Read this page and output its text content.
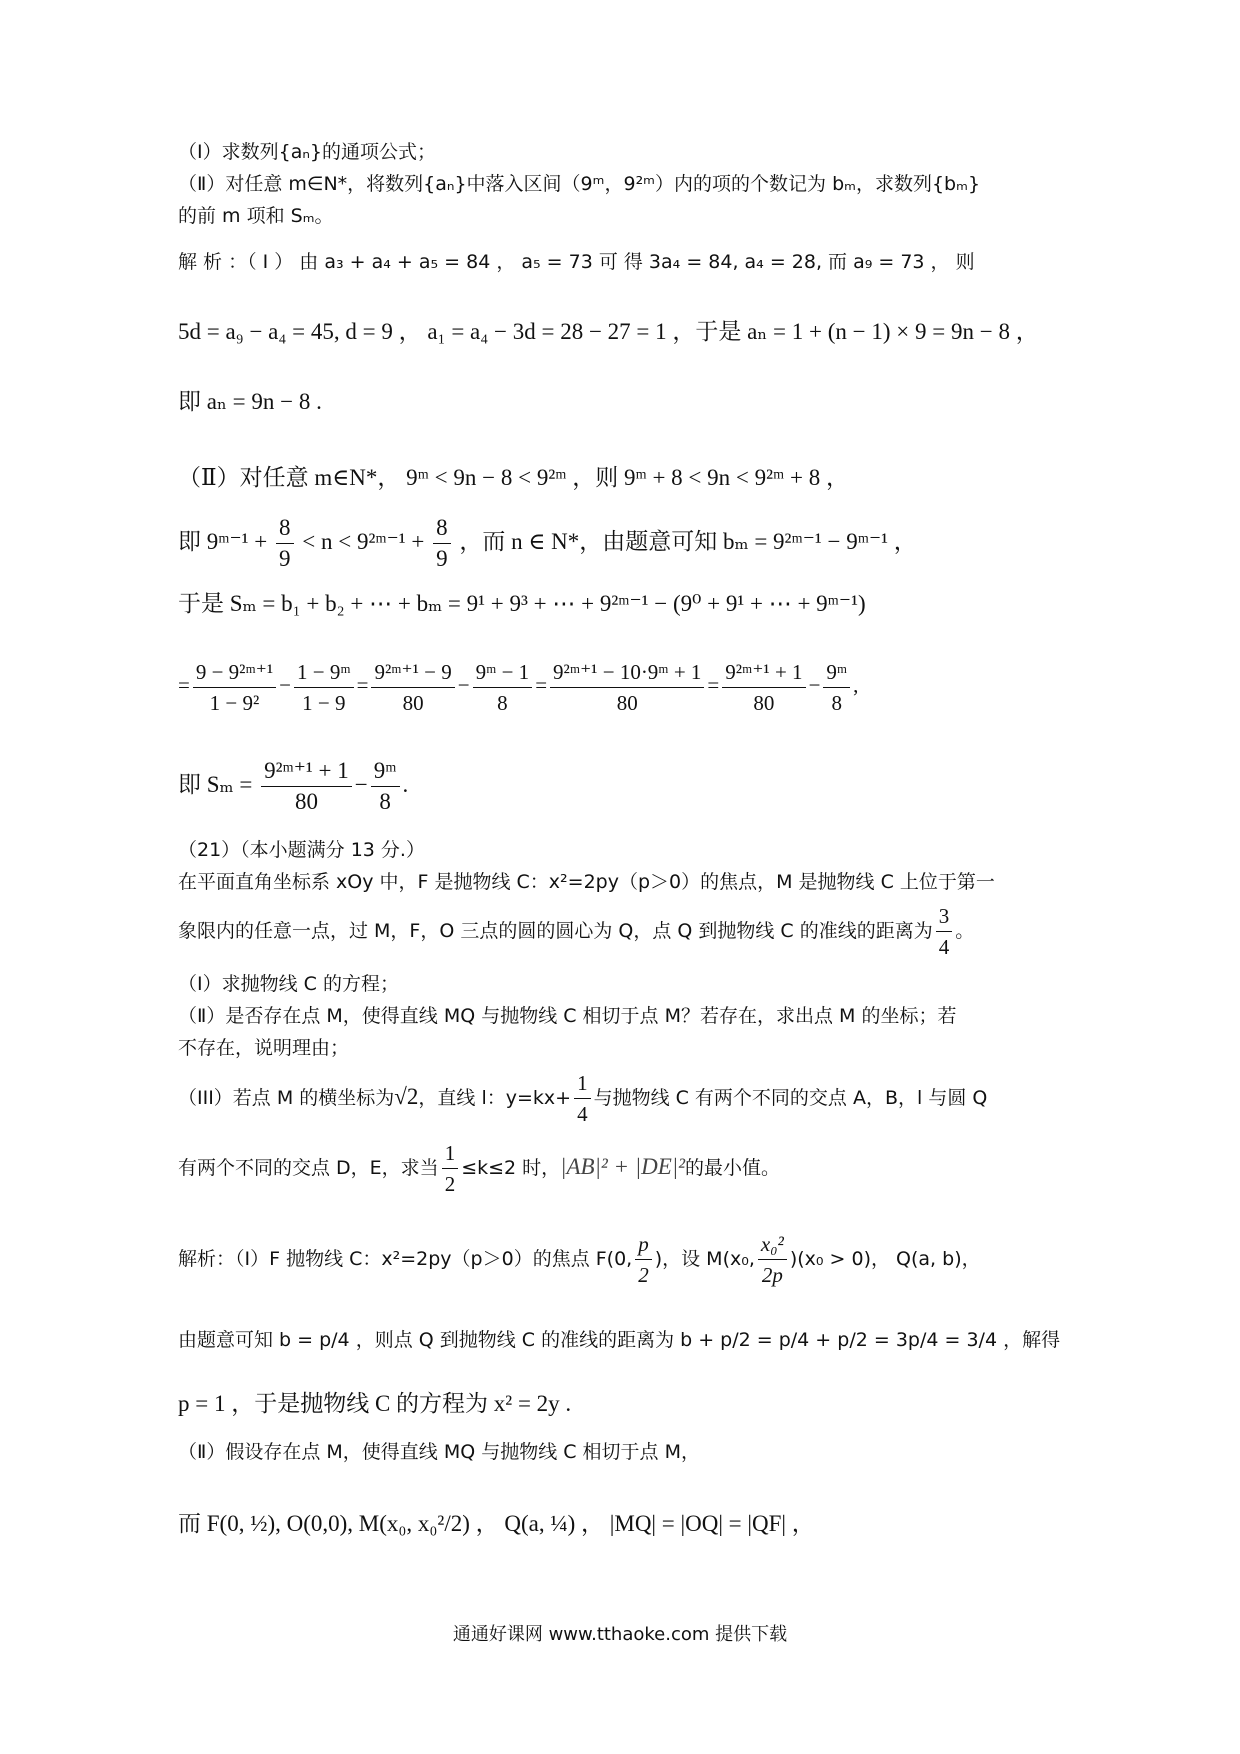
（Ⅰ）求数列{aₙ}的通项公式；
（Ⅱ）对任意 m∈N*，将数列{aₙ}中落入区间（9ᵐ，9²ᵐ）内的项的个数记为 bₘ，求数列{bₘ}
的前 m 项和 Sₘ。
解 析 ：（ Ⅰ ） 由 a₃ + a₄ + a₅ = 84 ， a₅ = 73 可 得 3a₄ = 84, a₄ = 28, 而 a₉ = 73 ， 则
5d = a₉ − a₄ = 45, d = 9 ， a₁ = a₄ − 3d = 28 − 27 = 1 ，于是 aₙ = 1 + (n − 1) × 9 = 9n − 8 ，
即 aₙ = 9n − 8 .
（Ⅱ）对任意 m∈N*， 9ᵐ < 9n − 8 < 9²ᵐ ，则 9ᵐ + 8 < 9n < 9²ᵐ + 8 ，
即 9ᵐ⁻¹ + $\frac{8}{9} < n$ < 9²ᵐ⁻¹ + $\frac{8}{9}$ ，而 n ∈ N*，由题意可知 bₘ = 9²ᵐ⁻¹ − 9ᵐ⁻¹ ，
于是 Sₘ = b₁ + b₂ + ⋯ + bₘ = 9¹ + 9³ + ⋯ + 9²ᵐ⁻¹ − (9⁰ + 9¹ + ⋯ + 9ᵐ⁻¹)
= $\frac{\text{9 − 9²ᵐ⁺¹}}{\text{1 − 9²}} - \frac{\text{1 − 9ᵐ}}{1 - 9} = \frac{\text{9²ᵐ⁺¹ − 9}}{80} - \frac{\text{9ᵐ − 1}}{8} = \frac{\text{9²ᵐ⁺¹ − 10·9ᵐ + 1}}{80} = \frac{\text{9²ᵐ⁺¹ + 1}}{80} - \frac{\text{9ᵐ}}{8}$ ,
即 $S_m = \frac{\text{9²ᵐ⁺¹ + 1}}{80} - \frac{\text{9ᵐ}}{8}$ .
（21）（本小题满分 13 分.）
在平面直角坐标系 xOy 中，F 是抛物线 C：x²=2py（p＞0）的焦点，M 是抛物线 C 上位于第一
象限内的任意一点，过 M，F，O 三点的圆的圆心为 Q，点 Q 到抛物线 C 的准线的距离为 $\frac{3}{4}$ 。
（Ⅰ）求抛物线 C 的方程；
（Ⅱ）是否存在点 M，使得直线 MQ 与抛物线 C 相切于点 M？若存在，求出点 M 的坐标；若
不存在，说明理由；
（III）若点 M 的横坐标为√2，直线 l：$y=kx+ \frac{1}{4}$ 与抛物线 C 有两个不同的交点 A，B，l 与圆 Q
有两个不同的交点 D，E，求当 $\frac{1}{2} \le k\le 2$ 时，|AB|² + |DE|²的最小值。
解析：（Ⅰ）F 抛物线 C：x²=2py（p＞0）的焦点 F(0, $\frac{p}{2}$ )，设 M(x₀, $\frac{\text{x₀²}}{2p} )(x_0 > 0)$， Q(a, b)，
由题意可知 b = p/4 ，则点 Q 到抛物线 C 的准线的距离为 b + p/2 = p/4 + p/2 = 3p/4 = 3/4 ，解得
p = 1 ，于是抛物线 C 的方程为 x² = 2y .
（Ⅱ）假设存在点 M，使得直线 MQ 与抛物线 C 相切于点 M，
而 F(0, ½), O(0,0), M(x₀, x₀²/2) ， Q(a, ¼) ， |MQ| = |OQ| = |QF| ，
通通好课网 www.tthaoke.com 提供下载
